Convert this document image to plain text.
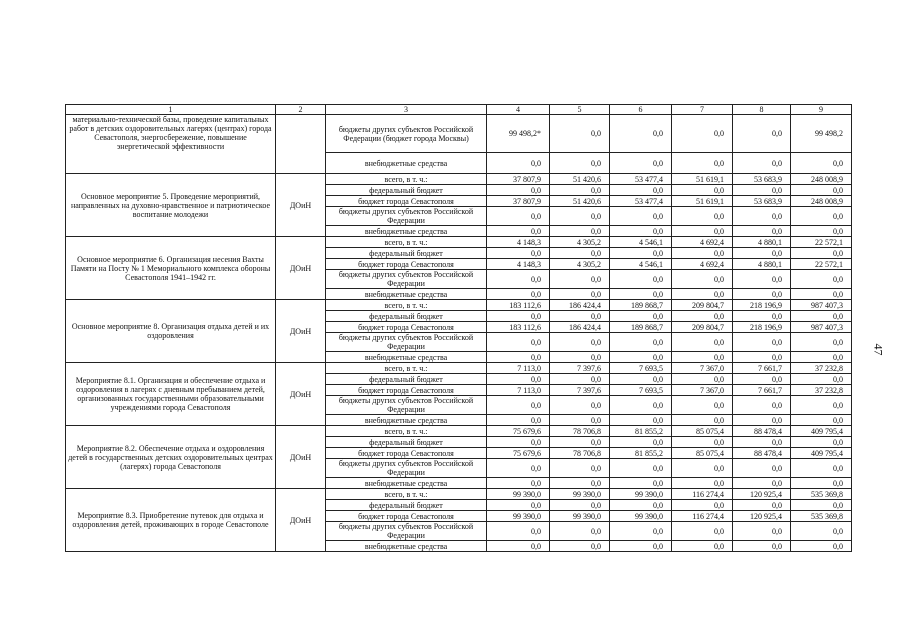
1	2	3	4	5	6	7	8	9
материально-технической базы, проведение капитальных работ в детских оздоровительных лагерях (центрах) города Севастополя, энергосбережение, повышение энергетической эффективности		бюджеты других субъектов Российской Федерации (бюджет города Москвы)	99 498,2*	0,0	0,0	0,0	0,0	99 498,2
		внебюджетные средства	0,0	0,0	0,0	0,0	0,0	0,0
Основное мероприятие 5. Проведение мероприятий, направленных на духовно-нравственное и патриотическое воспитание молодежи	ДОиН	всего, в т. ч.:	37 807,9	51 420,6	53 477,4	51 619,1	53 683,9	248 008,9
		федеральный бюджет	0,0	0,0	0,0	0,0	0,0	0,0
		бюджет города Севастополя	37 807,9	51 420,6	53 477,4	51 619,1	53 683,9	248 008,9
		бюджеты других субъектов Российской Федерации	0,0	0,0	0,0	0,0	0,0	0,0
		внебюджетные средства	0,0	0,0	0,0	0,0	0,0	0,0
Основное мероприятие 6. Организация несения Вахты Памяти на Посту № 1 Мемориального комплекса обороны Севастополя 1941–1942 гг.	ДОиН	всего, в т. ч.:	4 148,3	4 305,2	4 546,1	4 692,4	4 880,1	22 572,1
		федеральный бюджет	0,0	0,0	0,0	0,0	0,0	0,0
		бюджет города Севастополя	4 148,3	4 305,2	4 546,1	4 692,4	4 880,1	22 572,1
		бюджеты других субъектов Российской Федерации	0,0	0,0	0,0	0,0	0,0	0,0
		внебюджетные средства	0,0	0,0	0,0	0,0	0,0	0,0
Основное мероприятие 8. Организация отдыха детей и их оздоровления	ДОиН	всего, в т. ч.:	183 112,6	186 424,4	189 868,7	209 804,7	218 196,9	987 407,3
		федеральный бюджет	0,0	0,0	0,0	0,0	0,0	0,0
		бюджет города Севастополя	183 112,6	186 424,4	189 868,7	209 804,7	218 196,9	987 407,3
		бюджеты других субъектов Российской Федерации	0,0	0,0	0,0	0,0	0,0	0,0
		внебюджетные средства	0,0	0,0	0,0	0,0	0,0	0,0
Мероприятие 8.1. Организация и обеспечение отдыха и оздоровления в лагерях с дневным пребыванием детей, организованных государственными образовательными учреждениями города Севастополя	ДОиН	всего, в т. ч.:	7 113,0	7 397,6	7 693,5	7 367,0	7 661,7	37 232,8
		федеральный бюджет	0,0	0,0	0,0	0,0	0,0	0,0
		бюджет города Севастополя	7 113,0	7 397,6	7 693,5	7 367,0	7 661,7	37 232,8
		бюджеты других субъектов Российской Федерации	0,0	0,0	0,0	0,0	0,0	0,0
		внебюджетные средства	0,0	0,0	0,0	0,0	0,0	0,0
Мероприятие 8.2. Обеспечение отдыха и оздоровления детей в государственных детских оздоровительных центрах (лагерях) города Севастополя	ДОиН	всего, в т. ч.:	75 679,6	78 706,8	81 855,2	85 075,4	88 478,4	409 795,4
		федеральный бюджет	0,0	0,0	0,0	0,0	0,0	0,0
		бюджет города Севастополя	75 679,6	78 706,8	81 855,2	85 075,4	88 478,4	409 795,4
		бюджеты других субъектов Российской Федерации	0,0	0,0	0,0	0,0	0,0	0,0
		внебюджетные средства	0,0	0,0	0,0	0,0	0,0	0,0
Мероприятие 8.3. Приобретение путевок для отдыха и оздоровления детей, проживающих в городе Севастополе	ДОиН	всего, в т. ч.:	99 390,0	99 390,0	99 390,0	116 274,4	120 925,4	535 369,8
		федеральный бюджет	0,0	0,0	0,0	0,0	0,0	0,0
		бюджет города Севастополя	99 390,0	99 390,0	99 390,0	116 274,4	120 925,4	535 369,8
		бюджеты других субъектов Российской Федерации	0,0	0,0	0,0	0,0	0,0	0,0
		внебюджетные средства	0,0	0,0	0,0	0,0	0,0	0,0
47
